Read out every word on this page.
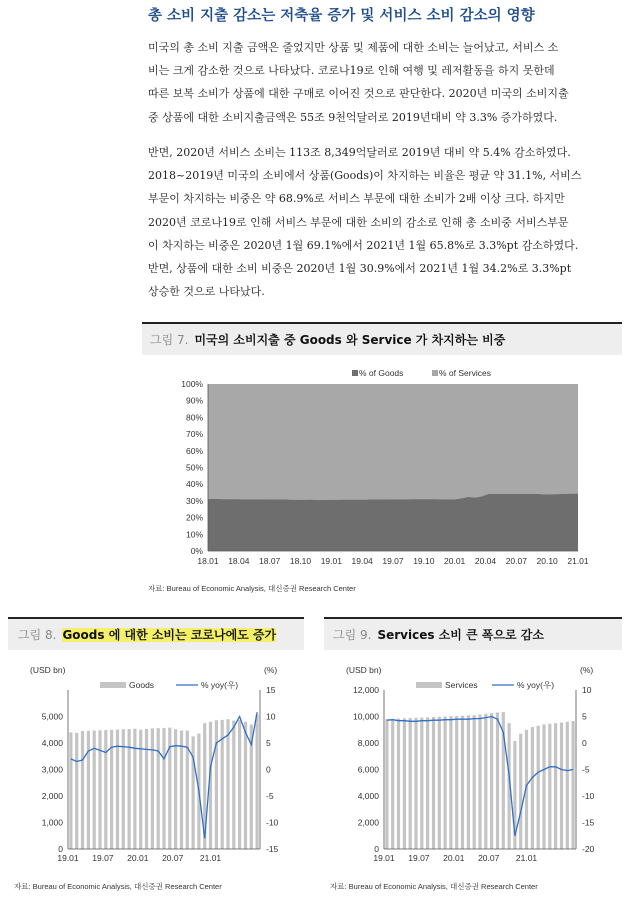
총 소비 지출 감소는 저축율 증가 및 서비스 소비 감소의 영향
미국의 총 소비 지출 금액은 줄었지만 상품 및 제품에 대한 소비는 늘어났고, 서비스 소
비는 크게 감소한 것으로 나타났다. 코로나19로 인해 여행 및 레저활동을 하지 못한데
따른 보복 소비가 상품에 대한 구매로 이어진 것으로 판단한다. 2020년 미국의 소비지출
중 상품에 대한 소비지출금액은 55조 9천억달러로 2019년대비 약 3.3% 증가하였다.
반면, 2020년 서비스 소비는 113조 8,349억달러로 2019년 대비 약 5.4% 감소하였다.
2018~2019년 미국의 소비에서 상품(Goods)이 차지하는 비율은 평균 약 31.1%, 서비스
부문이 차지하는 비중은 약 68.9%로 서비스 부문에 대한 소비가 2배 이상 크다. 하지만
2020년 코로나19로 인해 서비스 부문에 대한 소비의 감소로 인해 총 소비중 서비스부문
이 차지하는 비중은 2020년 1월 69.1%에서 2021년 1월 65.8%로 3.3%pt 감소하였다.
반면, 상품에 대한 소비 비중은 2020년 1월 30.9%에서 2021년 1월 34.2%로 3.3%pt
상승한 것으로 나타났다.
그림 7. 미국의 소비지출 중 Goods 와 Service 가 차지하는 비중
% of Goods	% of Services
0%
10%
20%
30%
40%
50%
60%
70%
80%
90%
100%
18.01 18.04 18.07 18.10 19.01 19.04 19.07 19.10 20.01 20.04 20.07 20.10 21.01
자료: Bureau of Economic Analysis, 대신증권 Research Center
그림 8. Goods 에 대한 소비는 코로나에도 증가
(USD bn)	(%)
Goods	% yoy(우)
0
1,000
2,000
3,000
4,000
5,000
-15
-10
-5
0
5
10
15
19.01 19.07 20.01 20.07 21.01
자료: Bureau of Economic Analysis, 대신증권 Research Center
그림 9. Services 소비 큰 폭으로 감소
(USD bn)	(%)
Services	% yoy(우)
0
2,000
4,000
6,000
8,000
10,000
12,000
-20
-15
-10
-5
0
5
10
19.01 19.07 20.01 20.07 21.01
자료: Bureau of Economic Analysis, 대신증권 Research Center
